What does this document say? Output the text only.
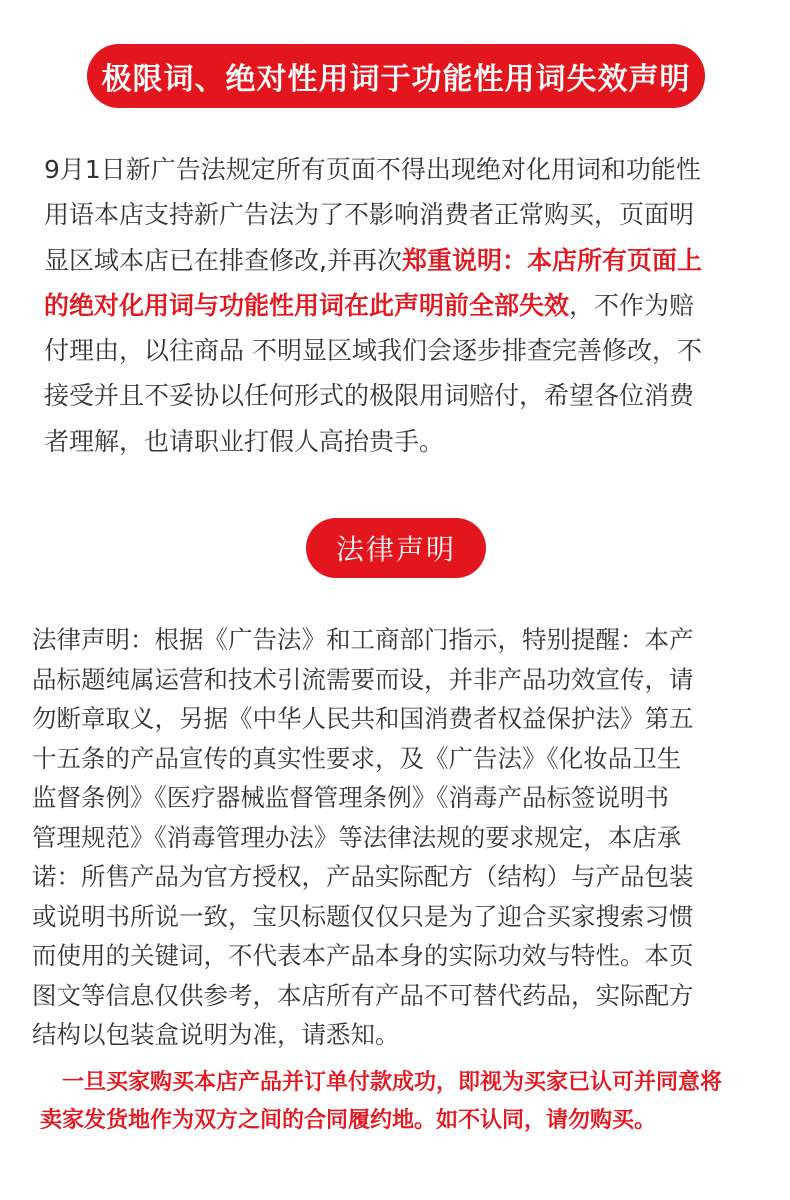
极限词、绝对性用词于功能性用词失效声明
9月1日新广告法规定所有页面不得出现绝对化用词和功能性
用语本店支持新广告法为了不影响消费者正常购买，页面明
显区域本店已在排查修改,并再次郑重说明：本店所有页面上
的绝对化用词与功能性用词在此声明前全部失效，不作为赔
付理由，以往商品 不明显区域我们会逐步排查完善修改，不
接受并且不妥协以任何形式的极限用词赔付，希望各位消费
者理解，也请职业打假人高抬贵手。
法律声明
法律声明：根据《广告法》和工商部门指示，特别提醒：本产
品标题纯属运营和技术引流需要而设，并非产品功效宣传，请
勿断章取义，另据《中华人民共和国消费者权益保护法》第五
十五条的产品宣传的真实性要求，及《广告法》《化妆品卫生
监督条例》《医疗器械监督管理条例》《消毒产品标签说明书
管理规范》《消毒管理办法》等法律法规的要求规定，本店承
诺：所售产品为官方授权，产品实际配方（结构）与产品包装
或说明书所说一致，宝贝标题仅仅只是为了迎合买家搜索习惯
而使用的关键词，不代表本产品本身的实际功效与特性。本页
图文等信息仅供参考，本店所有产品不可替代药品，实际配方
结构以包装盒说明为准，请悉知。
一旦买家购买本店产品并订单付款成功，即视为买家已认可并同意将
卖家发货地作为双方之间的合同履约地。如不认同，请勿购买。
